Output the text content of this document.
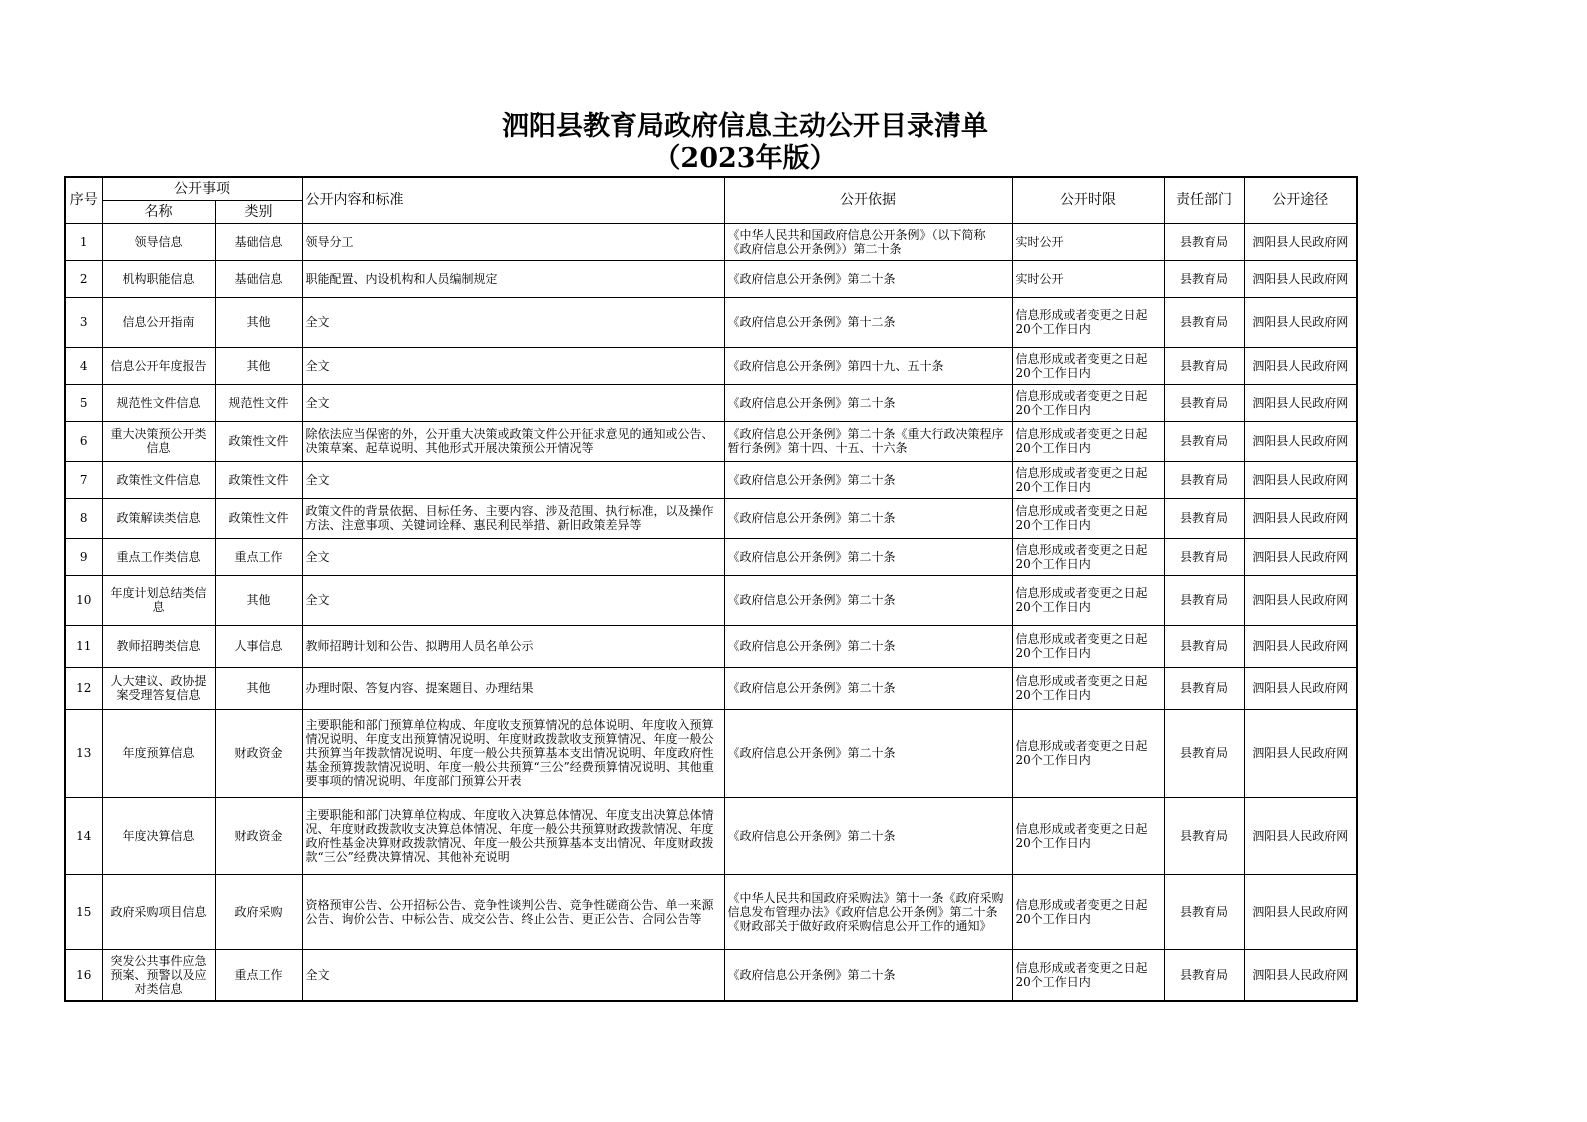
泗阳县教育局政府信息主动公开目录清单
（2023年版）
序号	公开事项		公开内容和标准	公开依据	公开时限	责任部门	公开途径
	名称	类别					
1	领导信息	基础信息	领导分工	《中华人民共和国政府信息公开条例》（以下简称《政府信息公开条例》）第二十条	实时公开	县教育局	泗阳县人民政府网
2	机构职能信息	基础信息	职能配置、内设机构和人员编制规定	《政府信息公开条例》第二十条	实时公开	县教育局	泗阳县人民政府网
3	信息公开指南	其他	全文	《政府信息公开条例》第十二条	信息形成或者变更之日起20个工作日内	县教育局	泗阳县人民政府网
4	信息公开年度报告	其他	全文	《政府信息公开条例》第四十九、五十条	信息形成或者变更之日起20个工作日内	县教育局	泗阳县人民政府网
5	规范性文件信息	规范性文件	全文	《政府信息公开条例》第二十条	信息形成或者变更之日起20个工作日内	县教育局	泗阳县人民政府网
6	重大决策预公开类信息	政策性文件	除依法应当保密的外，公开重大决策或政策文件公开征求意见的通知或公告、决策草案、起草说明、其他形式开展决策预公开情况等	《政府信息公开条例》第二十条《重大行政决策程序暂行条例》第十四、十五、十六条	信息形成或者变更之日起20个工作日内	县教育局	泗阳县人民政府网
7	政策性文件信息	政策性文件	全文	《政府信息公开条例》第二十条	信息形成或者变更之日起20个工作日内	县教育局	泗阳县人民政府网
8	政策解读类信息	政策性文件	政策文件的背景依据、目标任务、主要内容、涉及范围、执行标准，以及操作方法、注意事项、关键词诠释、惠民利民举措、新旧政策差异等	《政府信息公开条例》第二十条	信息形成或者变更之日起20个工作日内	县教育局	泗阳县人民政府网
9	重点工作类信息	重点工作	全文	《政府信息公开条例》第二十条	信息形成或者变更之日起20个工作日内	县教育局	泗阳县人民政府网
10	年度计划总结类信息	其他	全文	《政府信息公开条例》第二十条	信息形成或者变更之日起20个工作日内	县教育局	泗阳县人民政府网
11	教师招聘类信息	人事信息	教师招聘计划和公告、拟聘用人员名单公示	《政府信息公开条例》第二十条	信息形成或者变更之日起20个工作日内	县教育局	泗阳县人民政府网
12	人大建议、政协提案受理答复信息	其他	办理时限、答复内容、提案题目、办理结果	《政府信息公开条例》第二十条	信息形成或者变更之日起20个工作日内	县教育局	泗阳县人民政府网
13	年度预算信息	财政资金	主要职能和部门预算单位构成、年度收支预算情况的总体说明、年度收入预算情况说明、年度支出预算情况说明、年度财政拨款收支预算情况、年度一般公共预算当年拨款情况说明、年度一般公共预算基本支出情况说明、年度政府性基金预算拨款情况说明、年度一般公共预算“三公”经费预算情况说明、其他重要事项的情况说明、年度部门预算公开表	《政府信息公开条例》第二十条	信息形成或者变更之日起20个工作日内	县教育局	泗阳县人民政府网
14	年度决算信息	财政资金	主要职能和部门决算单位构成、年度收入决算总体情况、年度支出决算总体情况、年度财政拨款收支决算总体情况、年度一般公共预算财政拨款情况、年度政府性基金决算财政拨款情况、年度一般公共预算基本支出情况、年度财政拨款“三公”经费决算情况、其他补充说明	《政府信息公开条例》第二十条	信息形成或者变更之日起20个工作日内	县教育局	泗阳县人民政府网
15	政府采购项目信息	政府采购	资格预审公告、公开招标公告、竞争性谈判公告、竞争性磋商公告、单一来源公告、询价公告、中标公告、成交公告、终止公告、更正公告、合同公告等	《中华人民共和国政府采购法》第十一条《政府采购信息发布管理办法》《政府信息公开条例》第二十条《财政部关于做好政府采购信息公开工作的通知》	信息形成或者变更之日起20个工作日内	县教育局	泗阳县人民政府网
16	突发公共事件应急预案、预警以及应对类信息	重点工作	全文	《政府信息公开条例》第二十条	信息形成或者变更之日起20个工作日内	县教育局	泗阳县人民政府网
